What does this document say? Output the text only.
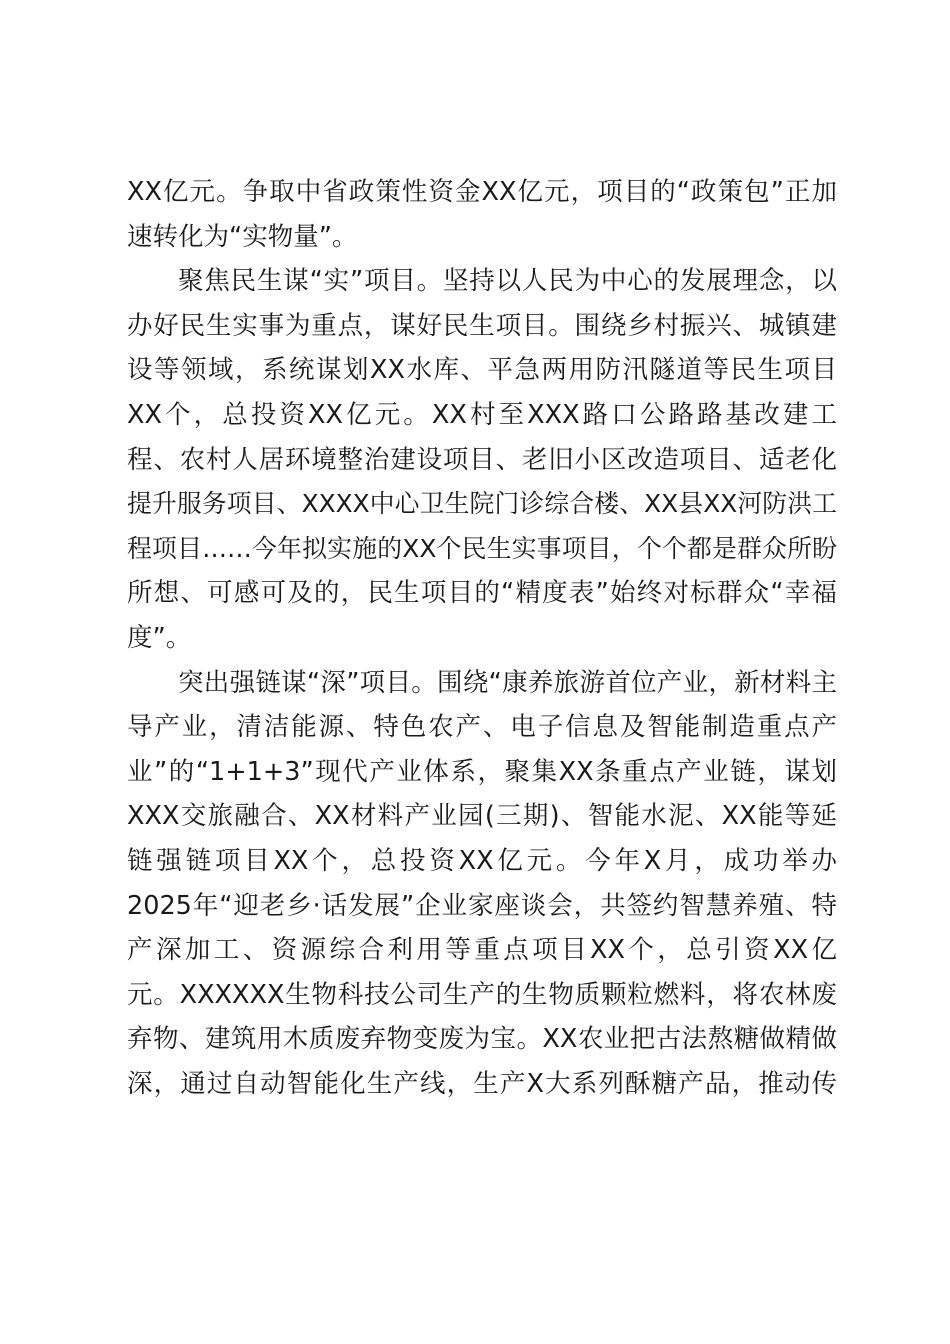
XX亿元。争取中省政策性资金XX亿元，项目的“政策包”正加
速转化为“实物量”。
聚焦民生谋“实”项目。坚持以人民为中心的发展理念，以
办好民生实事为重点，谋好民生项目。围绕乡村振兴、城镇建
设等领域，系统谋划XX水库、平急两用防汛隧道等民生项目
XX个，总投资XX亿元。XX村至XXX路口公路路基改建工
程、农村人居环境整治建设项目、老旧小区改造项目、适老化
提升服务项目、XXXX中心卫生院门诊综合楼、XX县XX河防洪工
程项目……今年拟实施的XX个民生实事项目，个个都是群众所盼
所想、可感可及的，民生项目的“精度表”始终对标群众“幸福
度”。
突出强链谋“深”项目。围绕“康养旅游首位产业，新材料主
导产业，清洁能源、特色农产、电子信息及智能制造重点产
业”的“1+1+3”现代产业体系，聚集XX条重点产业链，谋划
XXX交旅融合、XX材料产业园(三期)、智能水泥、XX能等延
链强链项目XX个，总投资XX亿元。今年X月，成功举办
2025年“迎老乡·话发展”企业家座谈会，共签约智慧养殖、特
产深加工、资源综合利用等重点项目XX个，总引资XX亿
元。XXXXXX生物科技公司生产的生物质颗粒燃料，将农林废
弃物、建筑用木质废弃物变废为宝。XX农业把古法熬糖做精做
深，通过自动智能化生产线，生产X大系列酥糖产品，推动传
